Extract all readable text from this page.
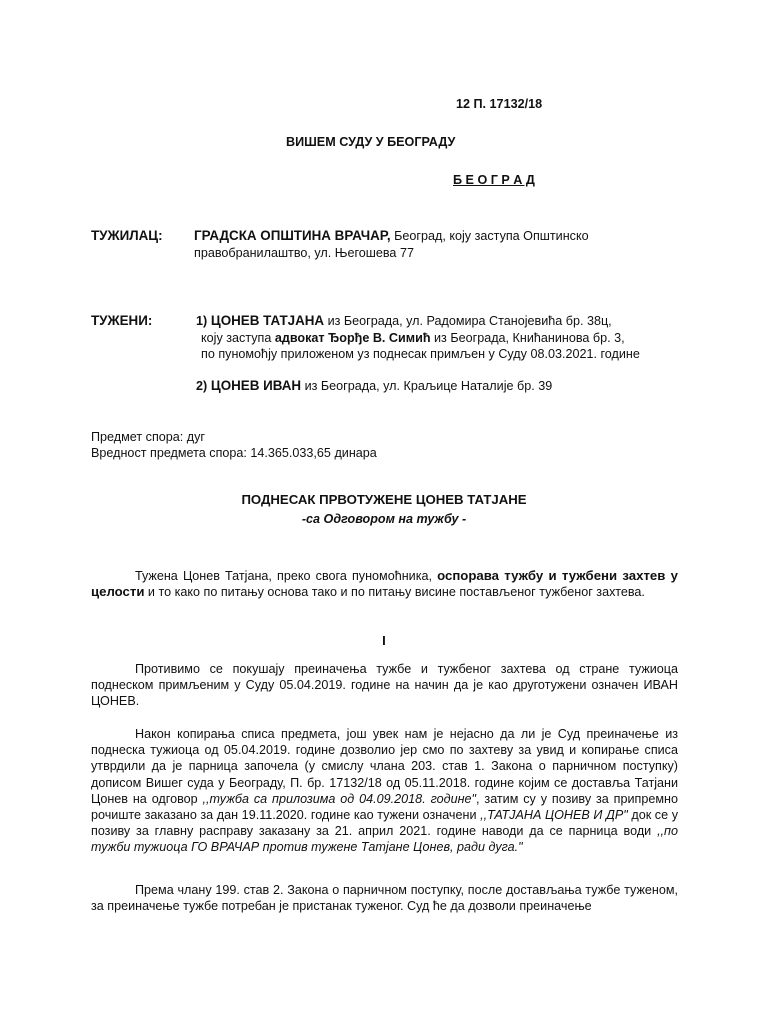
12 П. 17132/18
ВИШЕМ СУДУ У БЕОГРАДУ
Б Е О Г Р А Д
ТУЖИЛАЦ: ГРАДСКА ОПШТИНА ВРАЧАР, Београд, коју заступа Општинско
правобранилаштво, ул. Његошева 77
ТУЖЕНИ:	1) ЦОНЕВ ТАТЈАНА из Београда, ул. Радомира Станојевића бр. 38ц,
коју заступа адвокат Ђорђе В. Симић из Београда, Книћанинова бр. 3,
по пуномоћју приложеном уз поднесак примљен у Суду 08.03.2021. године
2) ЦОНЕВ ИВАН из Београда, ул. Краљице Наталије бр. 39
Предмет спора: дуг
Вредност предмета спора: 14.365.033,65 динара
ПОДНЕСАК ПРВОТУЖЕНЕ ЦОНЕВ ТАТЈАНЕ
-са Одговором на тужбу -
Тужена Цонев Татјана, преко свога пуномоћника, оспорава тужбу и тужбени захтев у целости и то како по питању основа тако и по питању висине постављеног тужбеног захтева.
I
Противимо се покушају преиначења тужбе и тужбеног захтева од стране тужиоца поднеском примљеним у Суду 05.04.2019. године на начин да је као друготужени означен ИВАН ЦОНЕВ.
Након копирања списа предмета, још увек нам је нејасно да ли је Суд преиначење из поднеска тужиоца од 05.04.2019. године дозволио јер смо по захтеву за увид и копирање списа утврдили да је парница започела (у смислу члана 203. став 1. Закона о парничном поступку) дописом Вишег суда у Београду, П. бр. 17132/18 од 05.11.2018. године којим се доставља Татјани Цонев на одговор ,,тужба са прилозима од 04.09.2018. године", затим су у позиву за припремно рочиште заказано за дан 19.11.2020. године као тужени означени ,,ТАТЈАНА ЦОНЕВ И ДР" док се у позиву за главну расправу заказану за 21. април 2021. године наводи да се парница води ,,по тужби тужиоца ГО ВРАЧАР против тужене Татјане Цонев, ради дуга."
Према члану 199. став 2. Закона о парничном поступку, после достављања тужбе туженом, за преиначење тужбе потребан је пристанак туженог. Суд ће да дозволи преиначење
